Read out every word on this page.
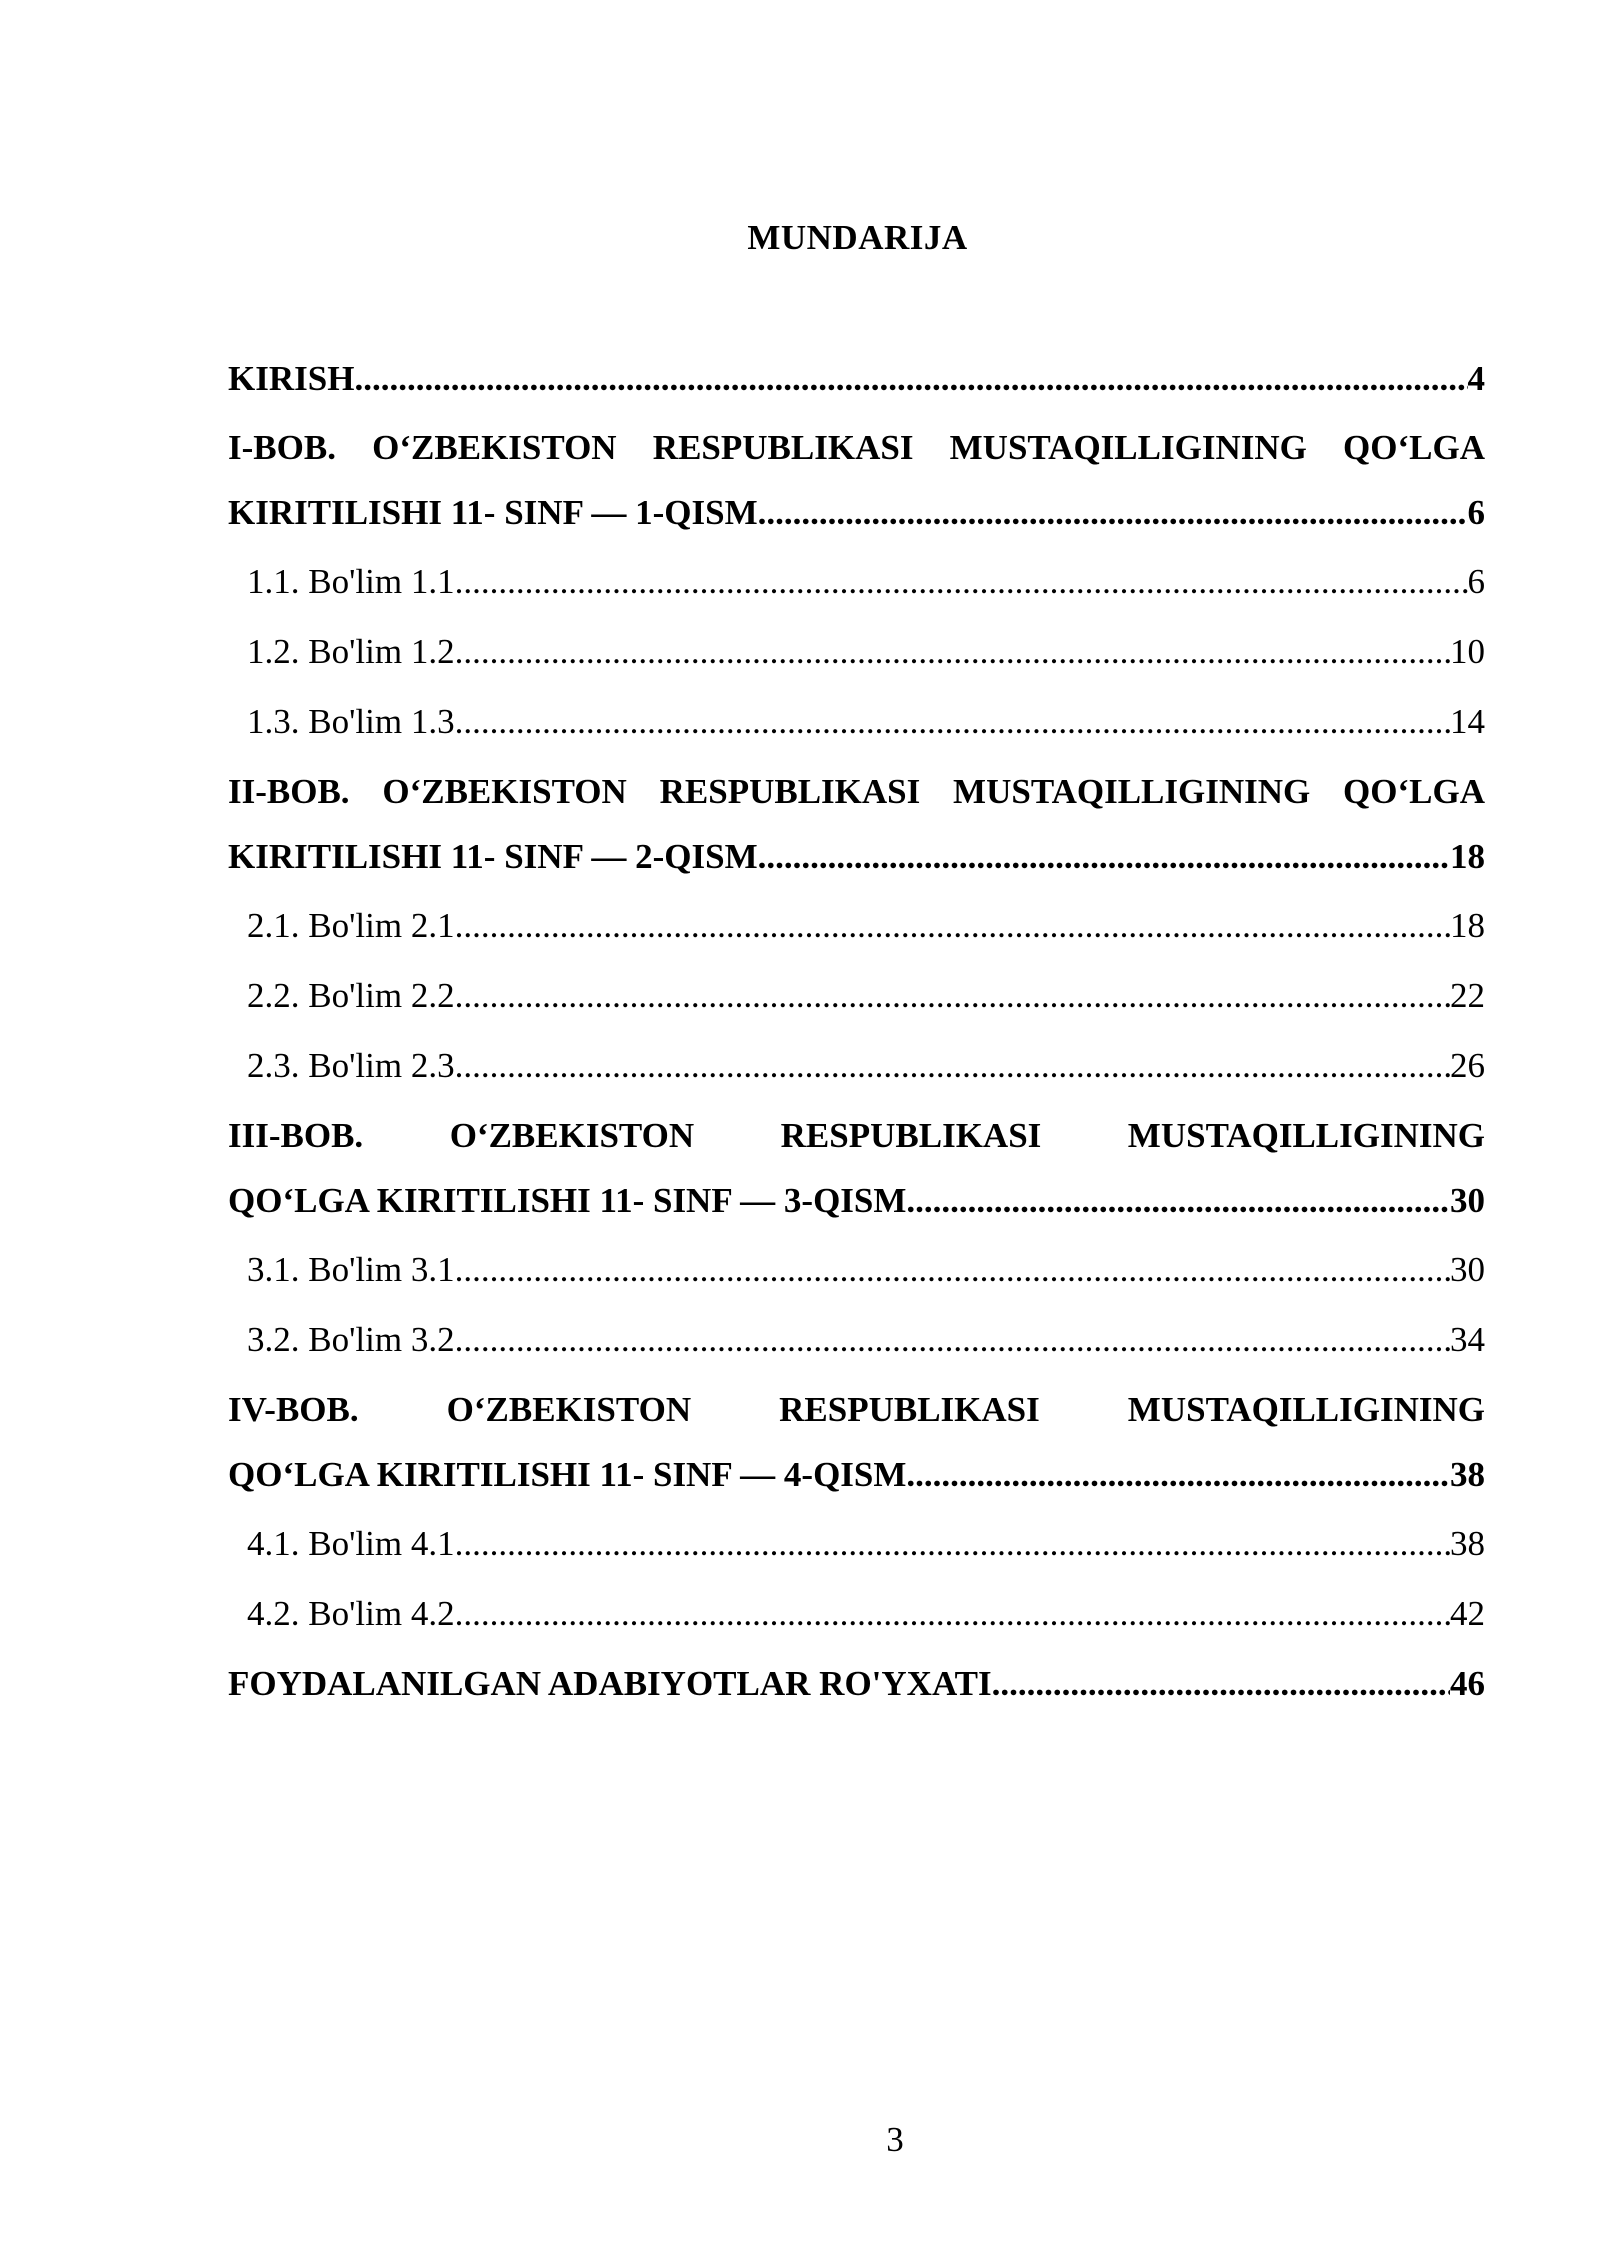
MUNDARIJA
KIRISH .....	4
I-BOB. O‘ZBEKISTON RESPUBLIKASI MUSTAQILLIGINING QO‘LGA
KIRITILISHI 11- SINF — 1-QISM .....	6
1.1. Bo'lim 1.1 .....	6
1.2. Bo'lim 1.2 .....	10
1.3. Bo'lim 1.3 .....	14
II-BOB. O‘ZBEKISTON RESPUBLIKASI MUSTAQILLIGINING QO‘LGA
KIRITILISHI 11- SINF — 2-QISM .....	18
2.1. Bo'lim 2.1 .....	18
2.2. Bo'lim 2.2 .....	22
2.3. Bo'lim 2.3 .....	26
III-BOB. O‘ZBEKISTON RESPUBLIKASI MUSTAQILLIGINING
QO‘LGA KIRITILISHI 11- SINF — 3-QISM .....	30
3.1. Bo'lim 3.1 .....	30
3.2. Bo'lim 3.2 .....	34
IV-BOB. O‘ZBEKISTON RESPUBLIKASI MUSTAQILLIGINING
QO‘LGA KIRITILISHI 11- SINF — 4-QISM .....	38
4.1. Bo'lim 4.1 .....	38
4.2. Bo'lim 4.2 .....	42
FOYDALANILGAN ADABIYOTLAR RO'YXATI .....	46
3
